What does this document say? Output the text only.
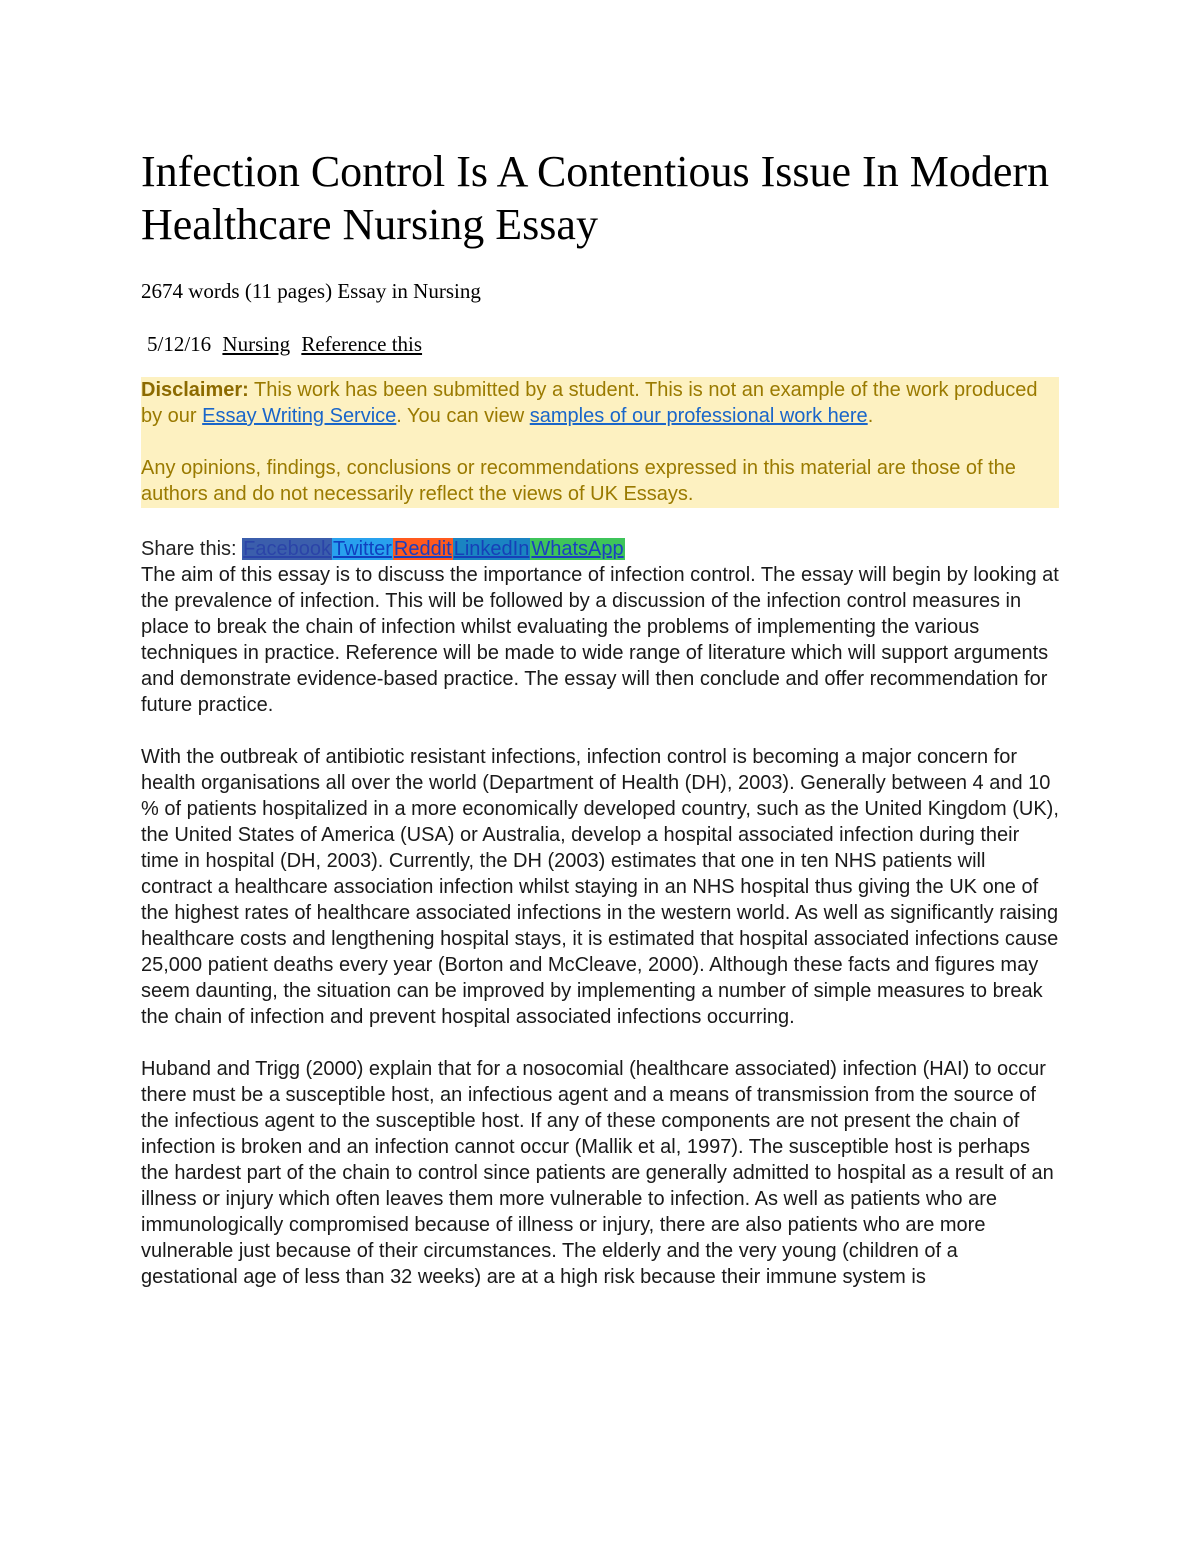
Infection Control Is A Contentious Issue In Modern Healthcare Nursing Essay
2674 words (11 pages) Essay in Nursing
5/12/16 Nursing Reference this

Disclaimer: This work has been submitted by a student. This is not an example of the work produced by our Essay Writing Service. You can view samples of our professional work here.

Any opinions, findings, conclusions or recommendations expressed in this material are those of the authors and do not necessarily reflect the views of UK Essays.

Share this: Facebook Twitter Reddit LinkedIn WhatsApp

The aim of this essay is to discuss the importance of infection control. The essay will begin by looking at the prevalence of infection. This will be followed by a discussion of the infection control measures in place to break the chain of infection whilst evaluating the problems of implementing the various techniques in practice. Reference will be made to wide range of literature which will support arguments and demonstrate evidence-based practice. The essay will then conclude and offer recommendation for future practice.

With the outbreak of antibiotic resistant infections, infection control is becoming a major concern for health organisations all over the world (Department of Health (DH), 2003). Generally between 4 and 10 % of patients hospitalized in a more economically developed country, such as the United Kingdom (UK), the United States of America (USA) or Australia, develop a hospital associated infection during their time in hospital (DH, 2003). Currently, the DH (2003) estimates that one in ten NHS patients will contract a healthcare association infection whilst staying in an NHS hospital thus giving the UK one of the highest rates of healthcare associated infections in the western world. As well as significantly raising healthcare costs and lengthening hospital stays, it is estimated that hospital associated infections cause 25,000 patient deaths every year (Borton and McCleave, 2000). Although these facts and figures may seem daunting, the situation can be improved by implementing a number of simple measures to break the chain of infection and prevent hospital associated infections occurring.

Huband and Trigg (2000) explain that for a nosocomial (healthcare associated) infection (HAI) to occur there must be a susceptible host, an infectious agent and a means of transmission from the source of the infectious agent to the susceptible host. If any of these components are not present the chain of infection is broken and an infection cannot occur (Mallik et al, 1997). The susceptible host is perhaps the hardest part of the chain to control since patients are generally admitted to hospital as a result of an illness or injury which often leaves them more vulnerable to infection. As well as patients who are immunologically compromised because of illness or injury, there are also patients who are more vulnerable just because of their circumstances. The elderly and the very young (children of a gestational age of less than 32 weeks) are at a high risk because their immune system is
